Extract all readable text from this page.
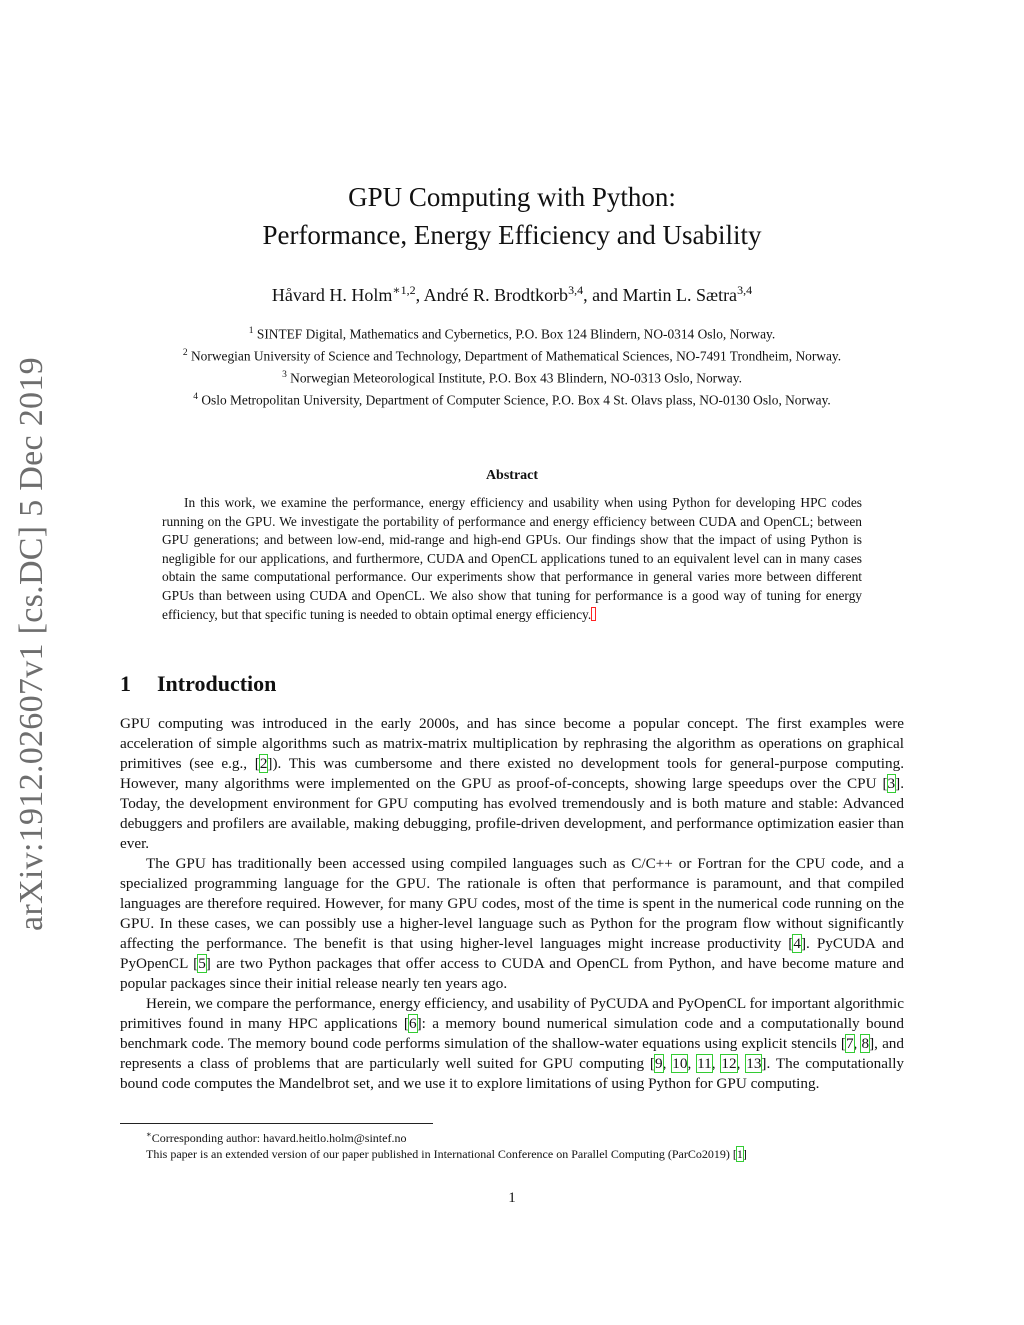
arXiv:1912.02607v1 [cs.DC] 5 Dec 2019
GPU Computing with Python:
Performance, Energy Efficiency and Usability
Håvard H. Holm$^{∗1,2}$, André R. Brodtkorb$^{3,4}$, and Martin L. Sætra$^{3,4}$
$^1$ SINTEF Digital, Mathematics and Cybernetics, P.O. Box 124 Blindern, NO-0314 Oslo, Norway.
$^2$ Norwegian University of Science and Technology, Department of Mathematical Sciences, NO-7491 Trondheim, Norway.
$^3$ Norwegian Meteorological Institute, P.O. Box 43 Blindern, NO-0313 Oslo, Norway.
$^4$ Oslo Metropolitan University, Department of Computer Science, P.O. Box 4 St. Olavs plass, NO-0130 Oslo, Norway.
Abstract
In this work, we examine the performance, energy efficiency and usability when using Python for developing HPC codes running on the GPU. We investigate the portability of performance and energy efficiency between CUDA and OpenCL; between GPU generations; and between low-end, mid-range and high-end GPUs. Our findings show that the impact of using Python is negligible for our applications, and furthermore, CUDA and OpenCL applications tuned to an equivalent level can in many cases obtain the same computational performance. Our experiments show that performance in general varies more between different GPUs than between using CUDA and OpenCL. We also show that tuning for performance is a good way of tuning for energy efficiency, but that specific tuning is needed to obtain optimal energy efficiency.
1 Introduction

GPU computing was introduced in the early 2000s, and has since become a popular concept. The first examples were acceleration of simple algorithms such as matrix-matrix multiplication by rephrasing the algorithm as operations on graphical primitives (see e.g., [2]). This was cumbersome and there existed no development tools for general-purpose computing. However, many algorithms were implemented on the GPU as proof-of-concepts, showing large speedups over the CPU [3]. Today, the development environment for GPU computing has evolved tremendously and is both mature and stable: Advanced debuggers and profilers are available, making debugging, profile-driven development, and performance optimization easier than ever.

The GPU has traditionally been accessed using compiled languages such as C/C++ or Fortran for the CPU code, and a specialized programming language for the GPU. The rationale is often that performance is paramount, and that compiled languages are therefore required. However, for many GPU codes, most of the time is spent in the numerical code running on the GPU. In these cases, we can possibly use a higher-level language such as Python for the program flow without significantly affecting the performance. The benefit is that using higher-level languages might increase productivity [4]. PyCUDA and PyOpenCL [5] are two Python packages that offer access to CUDA and OpenCL from Python, and have become mature and popular packages since their initial release nearly ten years ago.

Herein, we compare the performance, energy efficiency, and usability of PyCUDA and PyOpenCL for important algorithmic primitives found in many HPC applications [6]: a memory bound numerical simulation code and a computationally bound benchmark code. The memory bound code performs simulation of the shallow-water equations using explicit stencils [7, 8], and represents a class of problems that are particularly well suited for GPU computing [9, 10, 11, 12, 13]. The computationally bound code computes the Mandelbrot set, and we use it to explore limitations of using Python for GPU computing.

∗Corresponding author: havard.heitlo.holm@sintef.no
This paper is an extended version of our paper published in International Conference on Parallel Computing (ParCo2019) [1]
1
